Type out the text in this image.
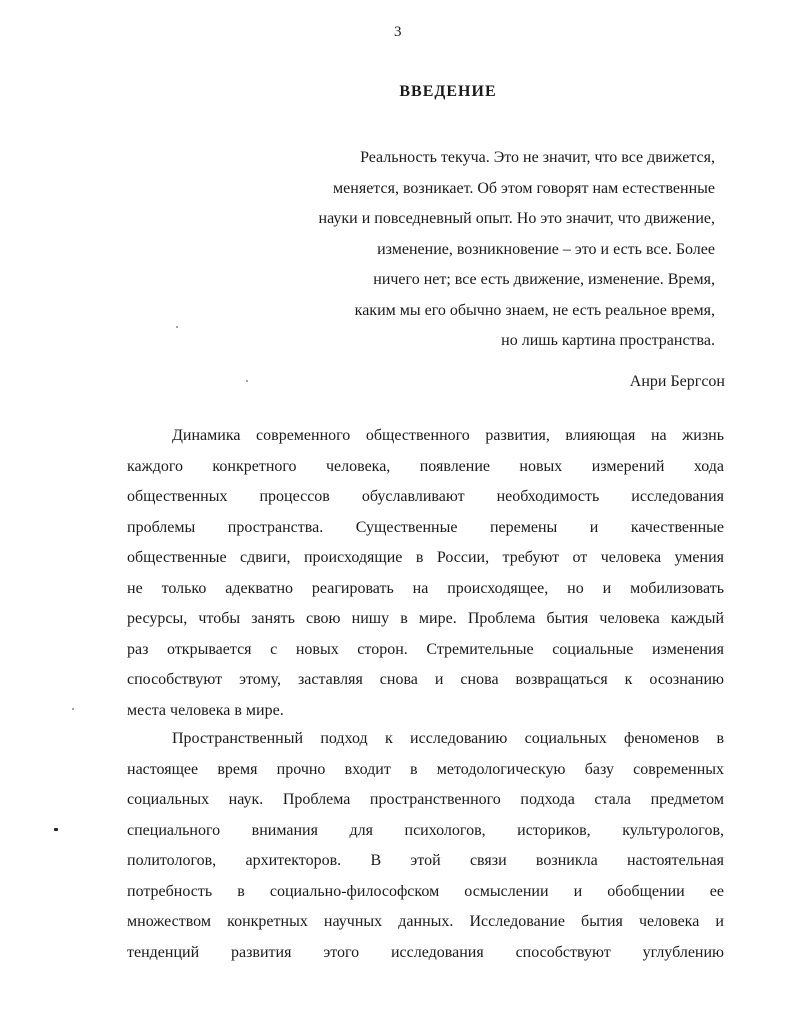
3
ВВЕДЕНИЕ
Реальность текуча. Это не значит, что все движется,
меняется, возникает. Об этом говорят нам естественные
науки и повседневный опыт. Но это значит, что движение,
изменение, возникновение – это и есть все. Более
ничего нет; все есть движение, изменение. Время,
каким мы его обычно знаем, не есть реальное время,
но лишь картина пространства.
Анри Бергсон
Динамика современного общественного развития, влияющая на жизнь
каждого конкретного человека, появление новых измерений хода
общественных процессов обуславливают необходимость исследования
проблемы пространства. Существенные перемены и качественные
общественные сдвиги, происходящие в России, требуют от человека умения
не только адекватно реагировать на происходящее, но и мобилизовать
ресурсы, чтобы занять свою нишу в мире. Проблема бытия человека каждый
раз открывается с новых сторон. Стремительные социальные изменения
способствуют этому, заставляя снова и снова возвращаться к осознанию
места человека в мире.
Пространственный подход к исследованию социальных феноменов в
настоящее время прочно входит в методологическую базу современных
социальных наук. Проблема пространственного подхода стала предметом
специального внимания для психологов, историков, культурологов,
политологов, архитекторов. В этой связи возникла настоятельная
потребность в социально-философском осмыслении и обобщении ее
множеством конкретных научных данных. Исследование бытия человека и
тенденций развития этого исследования способствуют углублению
